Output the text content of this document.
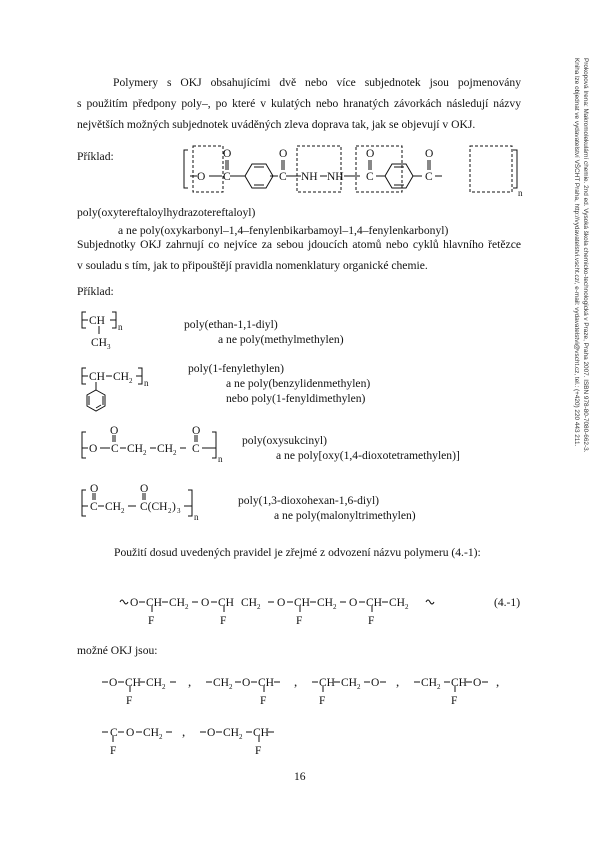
Polymery s OKJ obsahujícími dvě nebo více subjednotek jsou pojmenovány
s použitím předpony poly–, po které v kulatých nebo hranatých závorkách následují názvy
největších možných subjednotek uváděných zleva doprava tak, jak se objevují v OKJ.
Příklad:
O
O
C
O
C NH NH
O
C
O
C
n
poly(oxytereftaloylhydrazotereftaloyl)
a ne poly(oxykarbonyl–1,4–fenylenbikarbamoyl–1,4–fenylenkarbonyl)
Subjednotky OKJ zahrnují co nejvíce za sebou jdoucích atomů nebo cyklů hlavního řetězce
v souladu s tím, jak to připouštějí pravidla nomenklatury organické chemie.
Příklad:
CH n
CH 3
poly(ethan-1,1-diyl)
a ne poly(methylmethylen)
CH CH 2 n
poly(1-fenylethylen)
a ne poly(benzylidenmethylen)
nebo poly(1-fenyldimethylen)
O C
O
CH 2 CH 2 C
O
n
poly(oxysukcinyl)
a ne poly[oxy(1,4-dioxotetramethylen)]
O
C CH 2
O
C(CH 2 ) 3
n
poly(1,3-dioxohexan-1,6-diyl)
a ne poly(malonyltrimethylen)
Použití dosud uvedených pravidel je zřejmé z odvození názvu polymeru (4.-1):
O CH CH 2 O CH CH 2 O CH CH 2 O CH CH 2
F	F	F	F
(4.-1)
možné OKJ jsou:
O CH CH 2 , CH 2 O CH , CH CH 2 O , CH 2 CH O ,
F	F	F	F
C O CH 2 , O CH 2 CH
F	F
16
Prokopová Irena: Makromolekulární chemie. 2nd ed. Vysoká škola chemicko-technologická v Praze, Praha 2007. ISBN 978-80-7080-662-3.
Kniha lze objednat ve vydavatelství VŠCHT Praha, http://vydavatelstvi.vscht.cz/, e-mail: vydavatelstvi@vscht.cz, tel.: (+420) 220 443 211.
